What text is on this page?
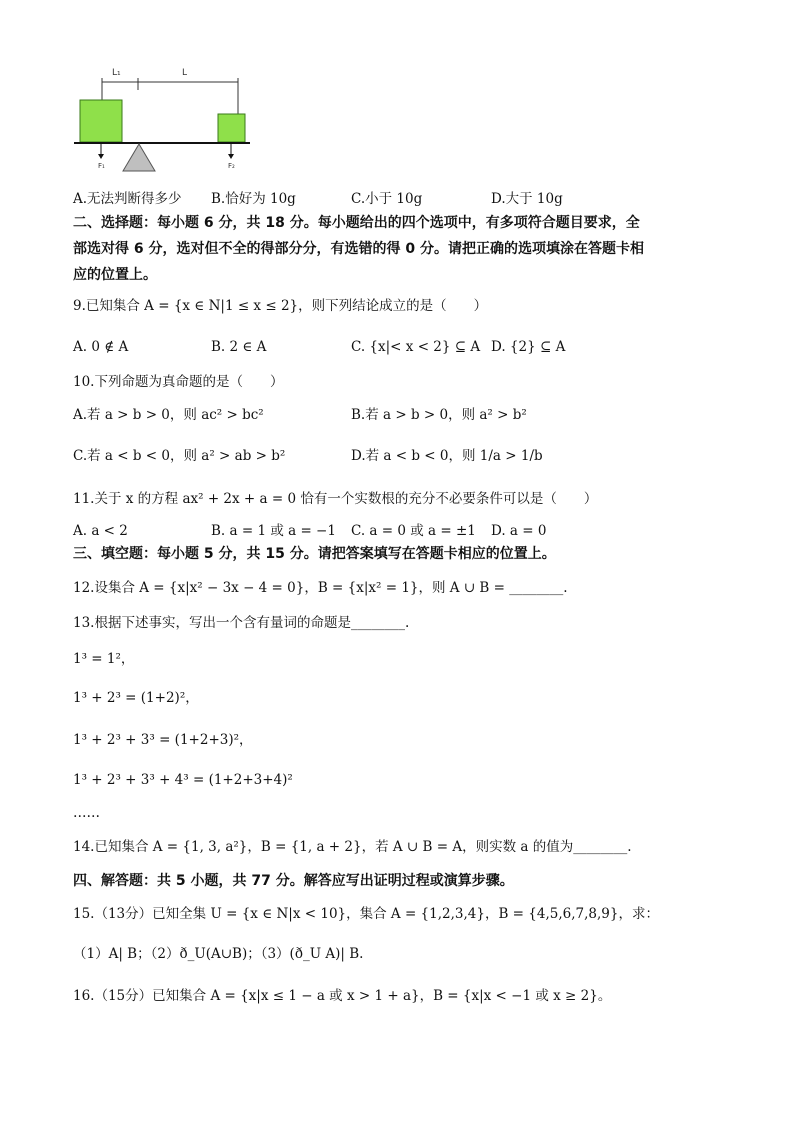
L₁	L
F₁	F₂
A.无法判断得多少 B.恰好为 10g	C.小于 10g	D.大于 10g
二、选择题：每小题 6 分，共 18 分。每小题给出的四个选项中，有多项符合题目要求，全
部选对得 6 分，选对但不全的得部分分，有选错的得 0 分。请把正确的选项填涂在答题卡相
应的位置上。
9.已知集合 A = {x ∈ N|1 ≤ x ≤ 2}，则下列结论成立的是（　　）
A. 0 ∉ A	B. 2 ∈ A	C. {x|< x < 2} ⊆ A D. {2} ⊆ A
10.下列命题为真命题的是（　　）
A.若 a > b > 0，则 ac² > bc²	B.若 a > b > 0，则 a² > b²
C.若 a < b < 0，则 a² > ab > b²	D.若 a < b < 0，则 1/a > 1/b
11.关于 x 的方程 ax² + 2x + a = 0 恰有一个实数根的充分不必要条件可以是（　　）
A. a < 2	B. a = 1 或 a = −1 C. a = 0 或 a = ±1 D. a = 0
三、填空题：每小题 5 分，共 15 分。请把答案填写在答题卡相应的位置上。
12.设集合 A = {x|x² − 3x − 4 = 0}，B = {x|x² = 1}，则 A ∪ B = ________.
13.根据下述事实，写出一个含有量词的命题是________.
1³ = 1²，
1³ + 2³ = (1+2)²，
1³ + 2³ + 3³ = (1+2+3)²，
1³ + 2³ + 3³ + 4³ = (1+2+3+4)²
……
14.已知集合 A = {1, 3, a²}，B = {1, a + 2}，若 A ∪ B = A，则实数 a 的值为________.
四、解答题：共 5 小题，共 77 分。解答应写出证明过程或演算步骤。
15.（13分）已知全集 U = {x ∈ N|x < 10}，集合 A = {1,2,3,4}，B = {4,5,6,7,8,9}，求：
（1）A| B；（2）ð_U(A∪B)；（3）(ð_U A)| B.
16.（15分）已知集合 A = {x|x ≤ 1 − a 或 x > 1 + a}，B = {x|x < −1 或 x ≥ 2}。
